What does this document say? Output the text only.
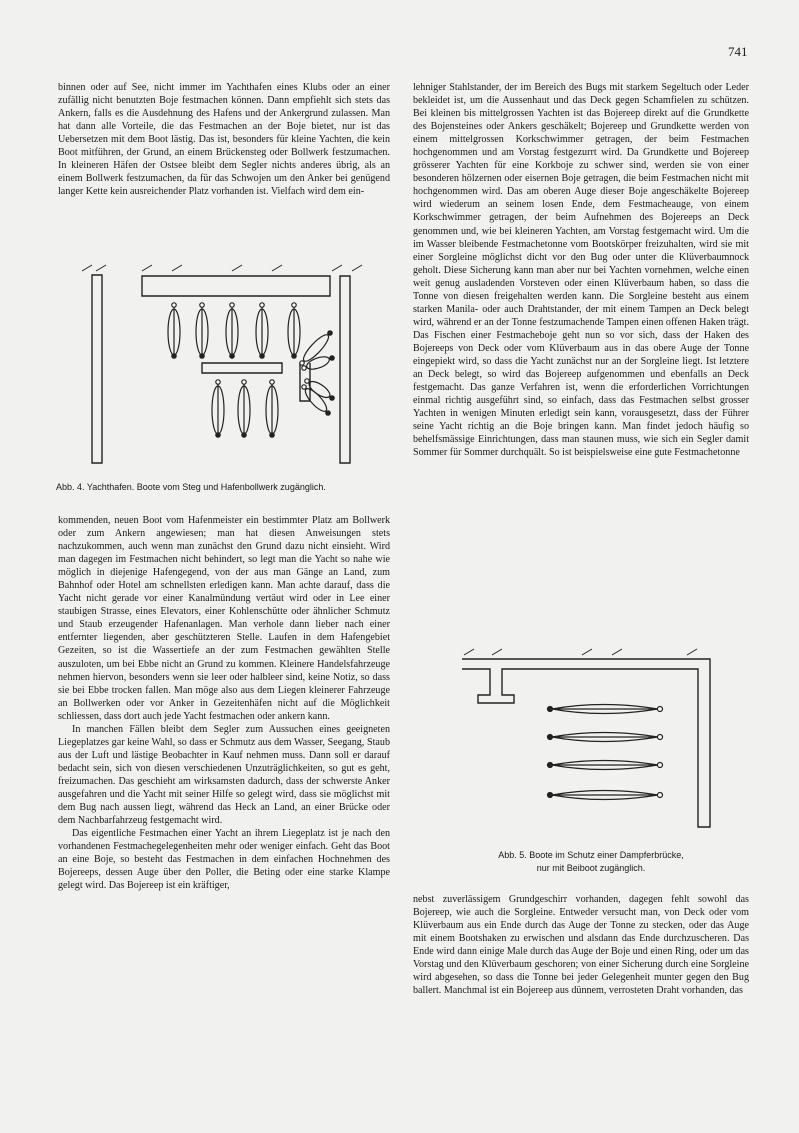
741

binnen oder auf See, nicht immer im Yachthafen eines Klubs oder an einer zufällig nicht benutzten Boje festmachen können. Dann empfiehlt sich stets das Ankern, falls es die Ausdehnung des Hafens und der Ankergrund zulassen. Man hat dann alle Vorteile, die das Festmachen an der Boje bietet, nur ist das Uebersetzen mit dem Boot lästig. Das ist, besonders für kleine Yachten, die kein Boot mitführen, der Grund, an einem Brückensteg oder Bollwerk festzumachen. In kleineren Häfen der Ostsee bleibt dem Segler nichts anderes übrig, als an einem Bollwerk festzumachen, da für das Schwojen um den Anker bei genügend langer Kette kein ausreichender Platz vorhanden ist. Vielfach wird dem ein-

Abb. 4. Yachthafen. Boote vom Steg und Hafenbollwerk zugänglich.

kommenden, neuen Boot vom Hafenmeister ein bestimmter Platz am Bollwerk oder zum Ankern angewiesen; man hat diesen Anweisungen stets nachzukommen, auch wenn man zunächst den Grund dazu nicht einsieht. Wird man dagegen im Festmachen nicht behindert, so legt man die Yacht so nahe wie möglich in diejenige Hafengegend, von der aus man Gänge an Land, zum Bahnhof oder Hotel am schnellsten erledigen kann. Man achte darauf, dass die Yacht nicht gerade vor einer Kanalmündung vertäut wird oder in Lee einer staubigen Strasse, eines Elevators, einer Kohlenschütte oder ähnlicher Schmutz und Staub erzeugender Hafenanlagen. Man verhole dann lieber nach einer entfernter liegenden, aber geschützteren Stelle. Laufen in dem Hafengebiet Gezeiten, so ist die Wassertiefe an der zum Festmachen gewählten Stelle auszuloten, um bei Ebbe nicht an Grund zu kommen. Kleinere Handelsfahrzeuge nehmen hiervon, besonders wenn sie leer oder halbleer sind, keine Notiz, so dass sie bei Ebbe trocken fallen. Man möge also aus dem Liegen kleinerer Fahrzeuge an Bollwerken oder vor Anker in Gezeitenhäfen nicht auf die Möglichkeit schliessen, dass dort auch jede Yacht festmachen oder ankern kann.

In manchen Fällen bleibt dem Segler zum Aussuchen eines geeigneten Liegeplatzes gar keine Wahl, so dass er Schmutz aus dem Wasser, Seegang, Staub aus der Luft und lästige Beobachter in Kauf nehmen muss. Dann soll er darauf bedacht sein, sich von diesen verschiedenen Unzuträglichkeiten, so gut es geht, freizumachen. Das geschieht am wirksamsten dadurch, dass der schwerste Anker ausgefahren und die Yacht mit seiner Hilfe so gelegt wird, dass sie möglichst mit dem Bug nach aussen liegt, während das Heck an Land, an einer Brücke oder dem Nachbarfahrzeug festgemacht wird.

Das eigentliche Festmachen einer Yacht an ihrem Liegeplatz ist je nach den vorhandenen Festmachegelegenheiten mehr oder weniger einfach. Geht das Boot an eine Boje, so besteht das Festmachen in dem einfachen Hochnehmen des Bojereeps, dessen Auge über den Poller, die Beting oder eine starke Klampe gelegt wird. Das Bojereep ist ein kräftiger,

lehniger Stahlstander, der im Bereich des Bugs mit starkem Segeltuch oder Leder bekleidet ist, um die Aussenhaut und das Deck gegen Schamfielen zu schützen. Bei kleinen bis mittelgrossen Yachten ist das Bojereep direkt auf die Grundkette des Bojensteines oder Ankers geschäkelt; Bojereep und Grundkette werden von einem mittelgrossen Korkschwimmer getragen, der beim Festmachen hochgenommen und am Vorstag festgezurrt wird. Da Grundkette und Bojereep grösserer Yachten für eine Korkboje zu schwer sind, werden sie von einer besonderen hölzernen oder eisernen Boje getragen, die beim Festmachen nicht mit hochgenommen wird. Das am oberen Auge dieser Boje angeschäkelte Bojereep wird wiederum an seinem losen Ende, dem Festmacheauge, von einem Korkschwimmer getragen, der beim Aufnehmen des Bojereeps an Deck genommen und, wie bei kleineren Yachten, am Vorstag festgemacht wird. Um die im Wasser bleibende Festmachetonne vom Bootskörper freizuhalten, wird sie mit einer Sorgleine möglichst dicht vor den Bug oder unter die Klüverbaumnock geholt. Diese Sicherung kann man aber nur bei Yachten vornehmen, welche einen weit genug ausladenden Vorsteven oder einen Klüverbaum haben, so dass die Tonne von diesen freigehalten werden kann. Die Sorgleine besteht aus einem starken Manila- oder auch Drahtstander, der mit einem Tampen an Deck belegt wird, während er an der Tonne festzumachende Tampen einen offenen Haken trägt. Das Fischen einer Festmacheboje geht nun so vor sich, dass der Haken des Bojereeps von Deck oder vom Klüverbaum aus in das obere Auge der Tonne eingepiekt wird, so dass die Yacht zunächst nur an der Sorgleine liegt. Ist letztere an Deck belegt, so wird das Bojereep aufgenommen und ebenfalls an Deck festgemacht. Das ganze Verfahren ist, wenn die erforderlichen Vorrichtungen einmal richtig ausgeführt sind, so einfach, dass das Festmachen selbst grosser Yachten in wenigen Minuten erledigt sein kann, vorausgesetzt, dass der Führer seine Yacht richtig an die Boje bringen kann. Man findet jedoch häufig so behelfsmässige Einrichtungen, dass man staunen muss, wie sich ein Segler damit Sommer für Sommer durchquält. So ist beispielsweise eine gute Festmachetonne

Abb. 5. Boote im Schutz einer Dampferbrücke,
nur mit Beiboot zugänglich.

nebst zuverlässigem Grundgeschirr vorhanden, dagegen fehlt sowohl das Bojereep, wie auch die Sorgleine. Entweder versucht man, von Deck oder vom Klüverbaum aus ein Ende durch das Auge der Tonne zu stecken, oder das Auge mit einem Bootshaken zu erwischen und alsdann das Ende durchzuscheren. Das Ende wird dann einige Male durch das Auge der Boje und einen Ring, oder um das Vorstag und den Klüverbaum geschoren; von einer Sicherung durch eine Sorgleine wird abgesehen, so dass die Tonne bei jeder Gelegenheit munter gegen den Bug ballert. Manchmal ist ein Bojereep aus dünnem, verrosteten Draht vorhanden, das
